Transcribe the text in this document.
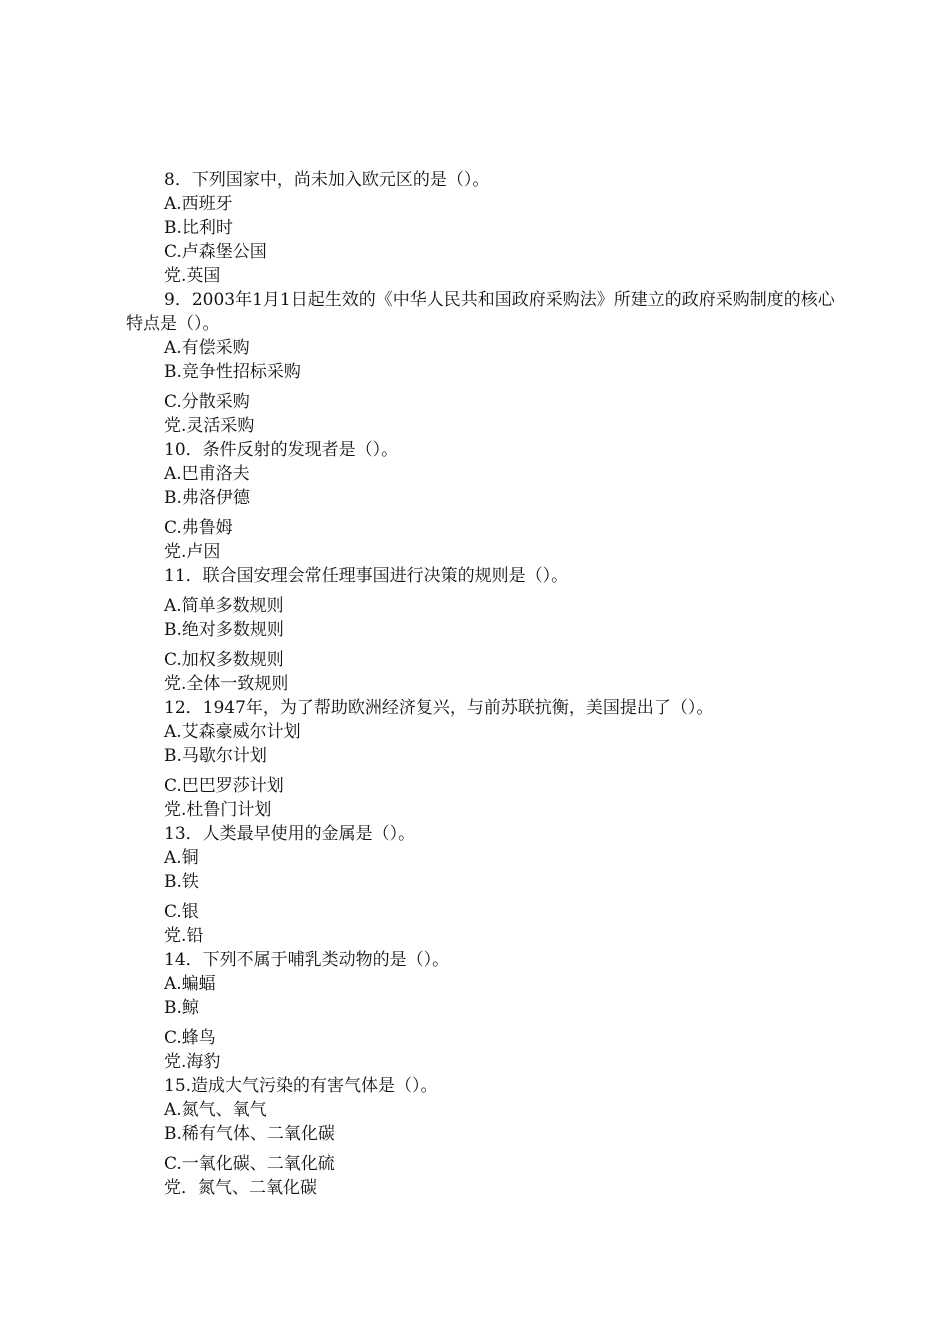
8．下列国家中，尚未加入欧元区的是（）。
A.西班牙
B.比利时
C.卢森堡公国
党.英国
9．2003年1月1日起生效的《中华人民共和国政府采购法》所建立的政府采购制度的核心特点是（）。
A.有偿采购
B.竞争性招标采购
C.分散采购
党.灵活采购
10．条件反射的发现者是（）。
A.巴甫洛夫
B.弗洛伊德
C.弗鲁姆
党.卢因
11．联合国安理会常任理事国进行决策的规则是（）。
A.简单多数规则
B.绝对多数规则
C.加权多数规则
党.全体一致规则
12．1947年，为了帮助欧洲经济复兴，与前苏联抗衡，美国提出了（）。
A.艾森豪威尔计划
B.马歇尔计划
C.巴巴罗莎计划
党.杜鲁门计划
13．人类最早使用的金属是（）。
A.铜
B.铁
C.银
党.铅
14．下列不属于哺乳类动物的是（）。
A.蝙蝠
B.鲸
C.蜂鸟
党.海豹
15.造成大气污染的有害气体是（）。
A.氮气、氧气
B.稀有气体、二氧化碳
C.一氧化碳、二氧化硫
党．氮气、二氧化碳
